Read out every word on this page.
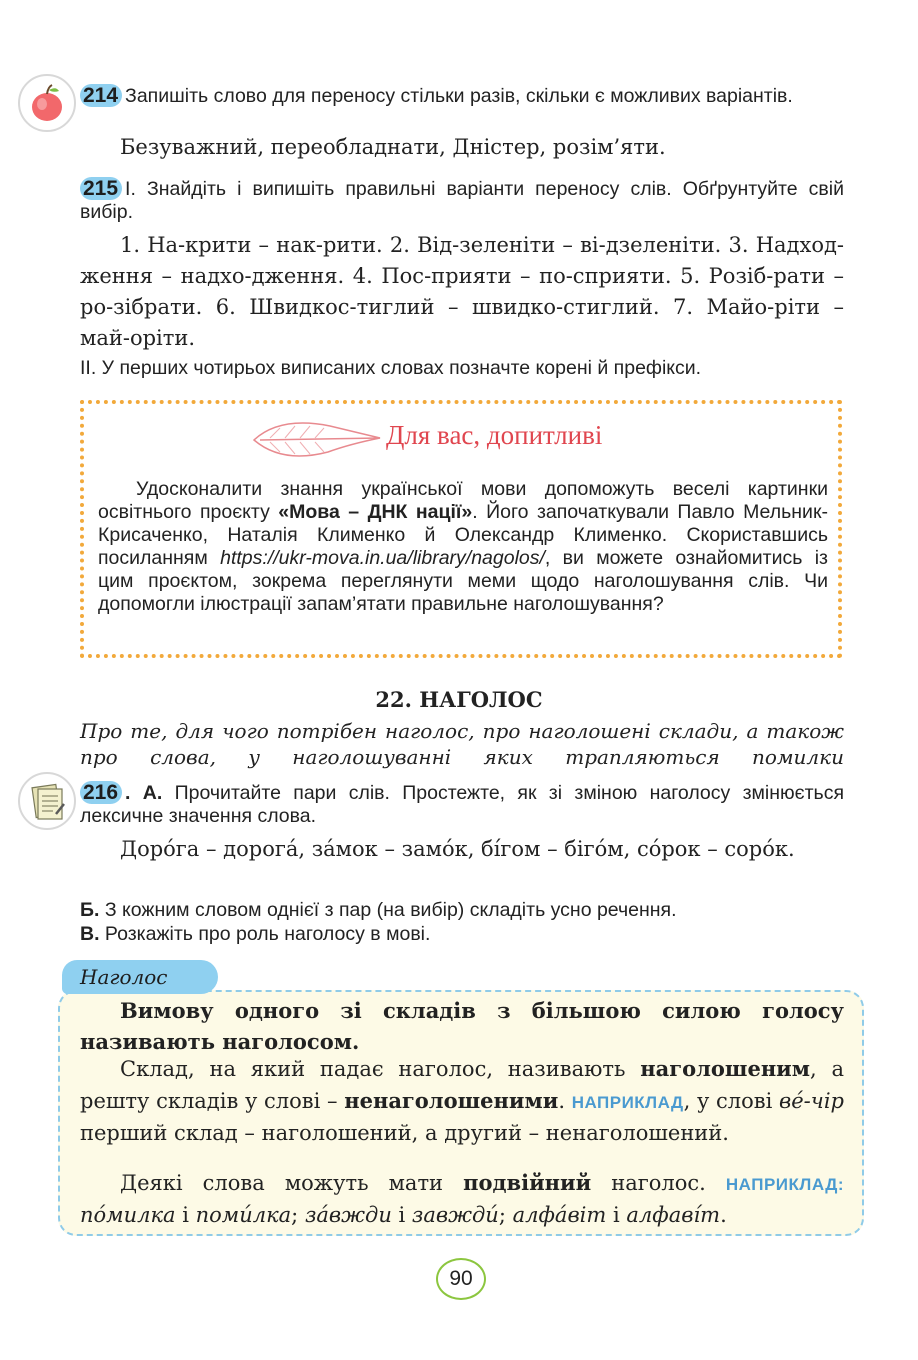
214 Запишіть слово для переносу стільки разів, скільки є можливих варіантів.
Безуважний, переобладнати, Дністер, розім’яти.
215 I. Знайдіть і випишіть правильні варіанти переносу слів. Обґрунтуйте свій вибір.
1. На-крити – нак-рити. 2. Від-зеленіти – ві-дзеленіти. 3. Надход-ження – надхо-дження. 4. Пос-прияти – по-сприяти. 5. Розіб-рати – ро-зібрати. 6. Швидкос-тиглий – швидко-стиглий. 7. Майо-ріти – май-оріти.
II. У перших чотирьох виписаних словах позначте корені й префікси.
Для вас, допитливі
Удосконалити знання української мови допоможуть веселі картинки освітнього проєкту «Мова – ДНК нації». Його започаткували Павло Мельник-Крисаченко, Наталія Клименко й Олександр Клименко. Скориставшись посиланням https://ukr-mova.in.ua/library/nagolos/, ви можете ознайомитись із цим проєктом, зокрема переглянути меми щодо наголошування слів. Чи допомогли ілюстрації запам’ятати правильне наголошування?
22. НАГОЛОС
Про те, для чого потрібен наголос, про наголошені склади, а також про слова, у наголошуванні яких трапляються помилки
216 . А. Прочитайте пари слів. Простежте, як зі зміною наголосу змінюється лексичне значення слова.
Доро́га – дорога́, за́мок – замо́к, бі́гом – біго́м, со́рок – соро́к.
Б. З кожним словом однієї з пар (на вибір) складіть усно речення.
В. Розкажіть про роль наголосу в мові.
Наголос
Вимову одного зі складів з більшою силою голосу називають наголосом.
Склад, на який падає наголос, називають наголошеним, а решту складів у слові – ненаголошеними. НАПРИКЛАД, у слові ве́-чір перший склад – наголошений, а другий – ненаголошений.
Деякі слова можуть мати подвійний наголос. НАПРИКЛАД: по́милка і поми́лка; за́вжди і завжди́; алфа́віт і алфаві́т.
90
